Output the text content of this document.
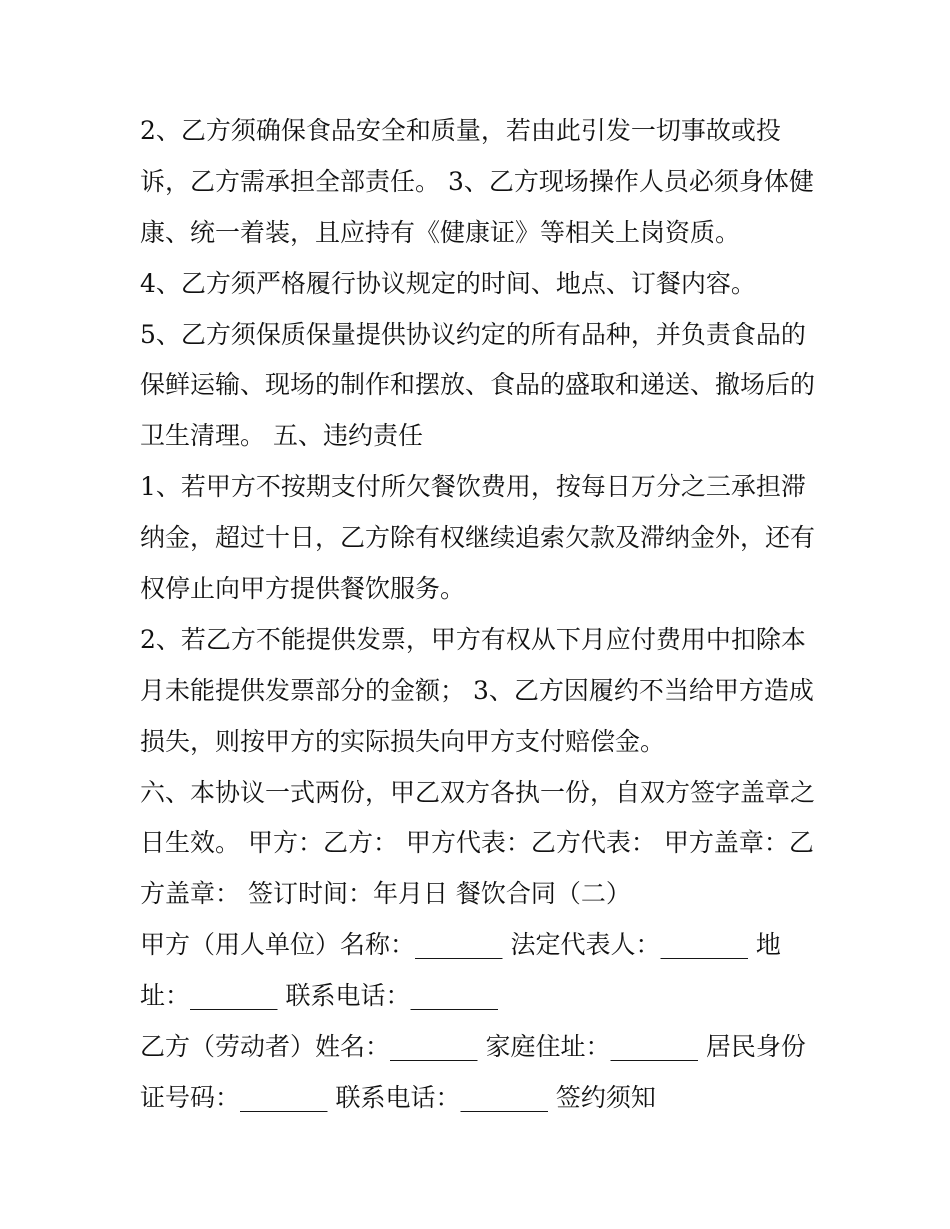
2、乙方须确保食品安全和质量，若由此引发一切事故或投
诉，乙方需承担全部责任。 3、乙方现场操作人员必须身体健
康、统一着装，且应持有《健康证》等相关上岗资质。
4、乙方须严格履行协议规定的时间、地点、订餐内容。
5、乙方须保质保量提供协议约定的所有品种，并负责食品的
保鲜运输、现场的制作和摆放、食品的盛取和递送、撤场后的
卫生清理。 五、违约责任
1、若甲方不按期支付所欠餐饮费用，按每日万分之三承担滞
纳金，超过十日，乙方除有权继续追索欠款及滞纳金外，还有
权停止向甲方提供餐饮服务。
2、若乙方不能提供发票，甲方有权从下月应付费用中扣除本
月未能提供发票部分的金额； 3、乙方因履约不当给甲方造成
损失，则按甲方的实际损失向甲方支付赔偿金。
六、本协议一式两份，甲乙双方各执一份，自双方签字盖章之
日生效。 甲方：乙方： 甲方代表：乙方代表： 甲方盖章：乙
方盖章： 签订时间：年月日 餐饮合同（二）
甲方（用人单位）名称：_______ 法定代表人：_______ 地
址：_______ 联系电话：_______
乙方（劳动者）姓名：_______ 家庭住址：_______ 居民身份
证号码：_______ 联系电话：_______ 签约须知
